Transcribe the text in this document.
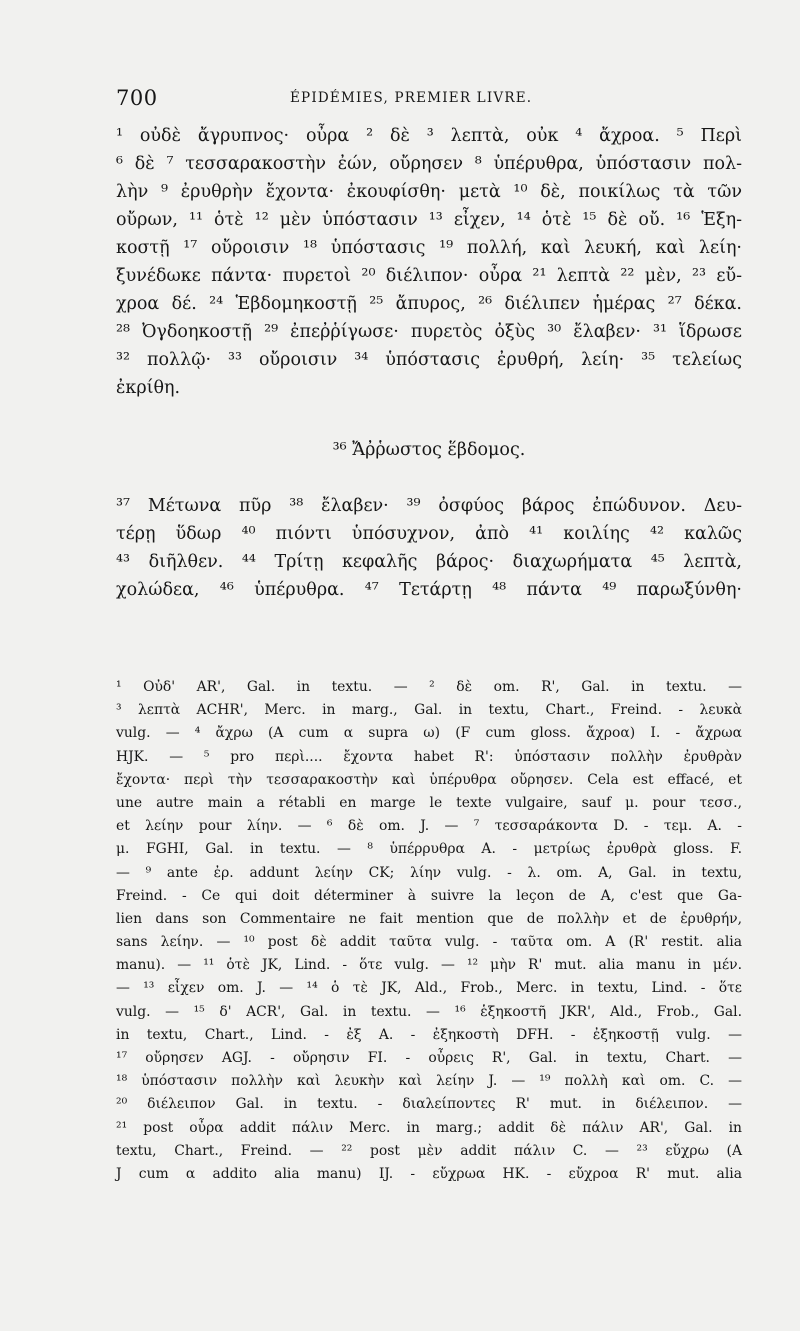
700	ÉPIDÉMIES, PREMIER LIVRE.
¹ οὐδὲ ἄγρυπνος· οὖρα ² δὲ ³ λεπτὰ, οὐκ ⁴ ἄχροα. ⁵ Περὶ
⁶ δὲ ⁷ τεσσαρακοστὴν ἐών, οὔρησεν ⁸ ὑπέρυθρα, ὑπόστασιν πολ-
λὴν ⁹ ἐρυθρὴν ἔχοντα· ἐκουφίσθη· μετὰ ¹⁰ δὲ, ποικίλως τὰ τῶν
οὔρων, ¹¹ ὁτὲ ¹² μὲν ὑπόστασιν ¹³ εἶχεν, ¹⁴ ὁτὲ ¹⁵ δὲ οὔ. ¹⁶ Ἑξη-
κοστῇ ¹⁷ οὔροισιν ¹⁸ ὑπόστασις ¹⁹ πολλή, καὶ λευκή, καὶ λείη·
ξυνέδωκε πάντα· πυρετοὶ ²⁰ διέλιπον· οὖρα ²¹ λεπτὰ ²² μὲν, ²³ εὔ-
χροα δέ. ²⁴ Ἑβδομηκοστῇ ²⁵ ἄπυρος, ²⁶ διέλιπεν ἡμέρας ²⁷ δέκα.
²⁸ Ὀγδοηκοστῇ ²⁹ ἐπεῤῥίγωσε· πυρετὸς ὀξὺς ³⁰ ἔλαβεν· ³¹ ἵδρωσε
³² πολλῷ· ³³ οὔροισιν ³⁴ ὑπόστασις ἐρυθρή, λείη· ³⁵ τελείως
ἐκρίθη.
³⁶ Ἄῤῥωστος ἕβδομος.
³⁷ Μέτωνα πῦρ ³⁸ ἔλαβεν· ³⁹ ὀσφύος βάρος ἐπώδυνον. Δευ-
τέρῃ ὕδωρ ⁴⁰ πιόντι ὑπόσυχνον, ἀπὸ ⁴¹ κοιλίης ⁴² καλῶς
⁴³ διῆλθεν. ⁴⁴ Τρίτῃ κεφαλῆς βάρος· διαχωρήματα ⁴⁵ λεπτὰ,
χολώδεα, ⁴⁶ ὑπέρυθρα. ⁴⁷ Τετάρτῃ ⁴⁸ πάντα ⁴⁹ παρωξύνθη·
¹ Οὐδ' AR', Gal. in textu. — ² δὲ om. R', Gal. in textu. —
³ λεπτὰ ACHR', Merc. in marg., Gal. in textu, Chart., Freind. - λευκὰ
vulg. — ⁴ ἄχρω (A cum α supra ω) (F cum gloss. ἄχροα) I. - ἄχρωα
HJK. — ⁵ pro περὶ.... ἔχοντα habet R': ὑπόστασιν πολλὴν ἐρυθρὰν
ἔχοντα· περὶ τὴν τεσσαρακοστὴν καὶ ὑπέρυθρα οὔρησεν. Cela est effacé, et
une autre main a rétabli en marge le texte vulgaire, sauf μ. pour τεσσ.,
et λείην pour λίην. — ⁶ δὲ om. J. — ⁷ τεσσαράκοντα D. - τεμ. A. -
μ. FGHI, Gal. in textu. — ⁸ ὑπέρρυθρα A. - μετρίως ἐρυθρὰ gloss. F.
— ⁹ ante ἐρ. addunt λείην CK; λίην vulg. - λ. om. A, Gal. in textu,
Freind. - Ce qui doit déterminer à suivre la leçon de A, c'est que Ga-
lien dans son Commentaire ne fait mention que de πολλὴν et de ἐρυθρήν,
sans λείην. — ¹⁰ post δὲ addit ταῦτα vulg. - ταῦτα om. A (R' restit. alia
manu). — ¹¹ ὁτὲ JK, Lind. - ὅτε vulg. — ¹² μὴν R' mut. alia manu in μέν.
— ¹³ εἶχεν om. J. — ¹⁴ ὁ τὲ JK, Ald., Frob., Merc. in textu, Lind. - ὅτε
vulg. — ¹⁵ δ' ACR', Gal. in textu. — ¹⁶ ἑξηκοστῆ JKR', Ald., Frob., Gal.
in textu, Chart., Lind. - ἐξ A. - ἐξηκοστὴ DFH. - ἐξηκοστῇ vulg. —
¹⁷ οὔρησεν AGJ. - οὔρησιν FI. - οὖρεις R', Gal. in textu, Chart. —
¹⁸ ὑπόστασιν πολλὴν καὶ λευκὴν καὶ λείην J. — ¹⁹ πολλὴ καὶ om. C. —
²⁰ διέλειπον Gal. in textu. - διαλείποντες R' mut. in διέλειπον. —
²¹ post οὖρα addit πάλιν Merc. in marg.; addit δὲ πάλιν AR', Gal. in
textu, Chart., Freind. — ²² post μὲν addit πάλιν C. — ²³ εὔχρω (A
J cum α addito alia manu) IJ. - εὔχρωα HK. - εὔχροα R' mut. alia
